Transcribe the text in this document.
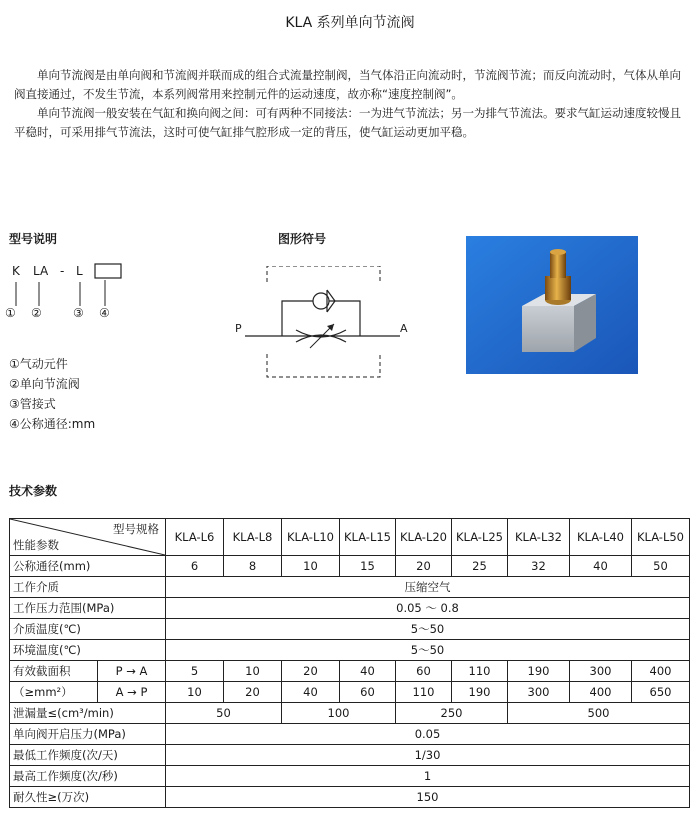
KLA 系列单向节流阀

单向节流阀是由单向阀和节流阀并联而成的组合式流量控制阀，当气体沿正向流动时，节流阀节流；而反向流动时，气体从单向阀直接通过，不发生节流，本系列阀常用来控制元件的运动速度，故亦称“速度控制阀”。

单向节流阀一般安装在气缸和换向阀之间：可有两种不同接法：一为进气节流法；另一为排气节流法。要求气缸运动速度较慢且平稳时，可采用排气节流法，这时可使气缸排气腔形成一定的背压，使气缸运动更加平稳。

型号说明
K LA - L
① ②	③ ④
①气动元件
②单向节流阀
③管接式
④公称通径:mm
图形符号
P	A
技术参数
型号规格
性能参数		KLA-L6	KLA-L8	KLA-L10	KLA-L15	KLA-L20	KLA-L25	KLA-L32	KLA-L40	KLA-L50
公称通径(mm)		6	8	10	15	20	25	32	40	50
工作介质		压缩空气								
工作压力范围(MPa)		0.05 ～ 0.8								
介质温度(℃)		5～50								
环境温度(℃)		5～50								
有效截面积	P → A	5	10	20	40	60	110	190	300	400
（≥mm²）	A → P	10	20	40	60	110	190	300	400	650
泄漏量≤(cm³/min)		50		100		250		500		
单向阀开启压力(MPa)		0.05								
最低工作频度(次/天)		1/30								
最高工作频度(次/秒)		1								
耐久性≥(万次)		150								
